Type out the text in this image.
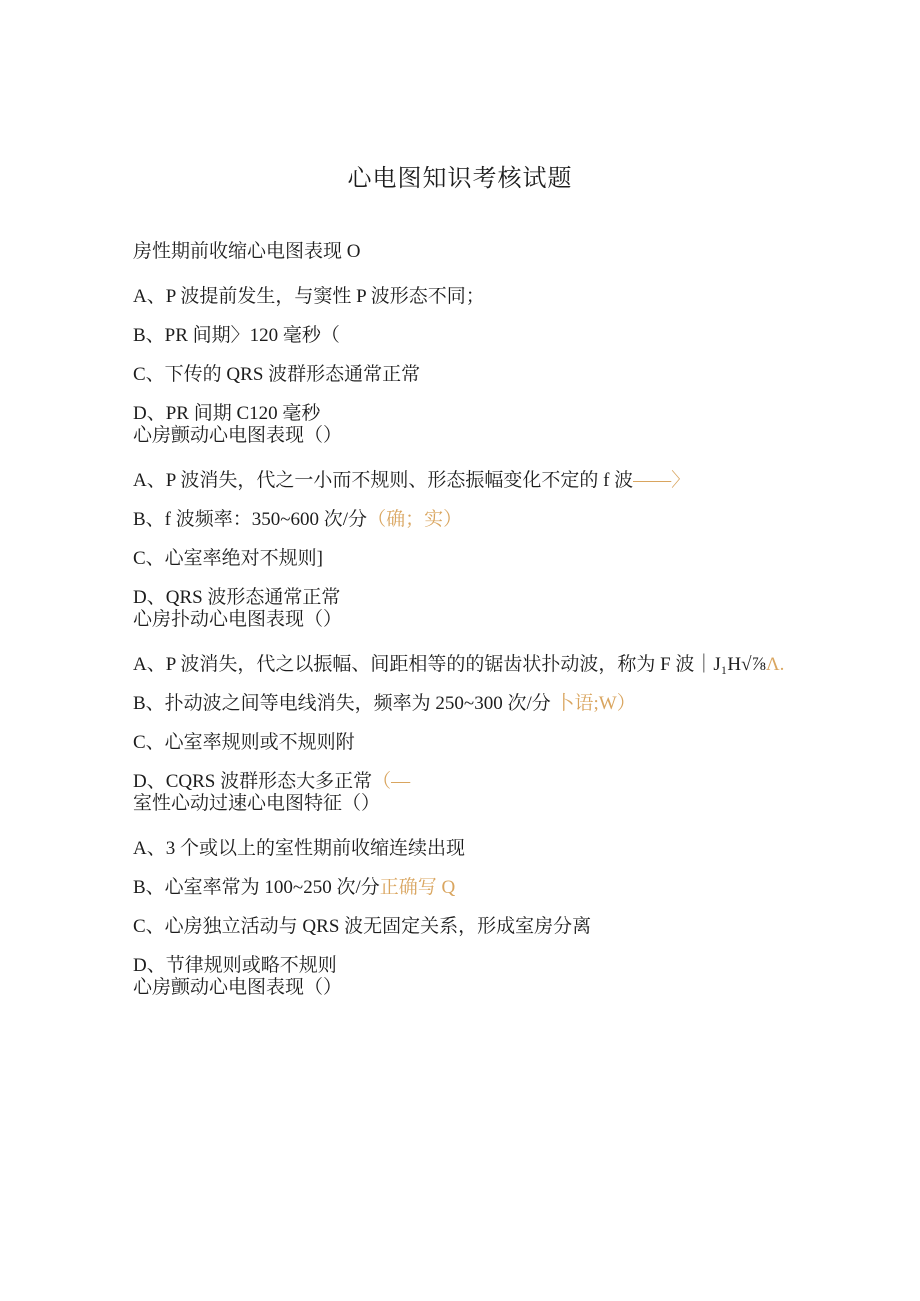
心电图知识考核试题

房性期前收缩心电图表现 O

A、P 波提前发生，与窦性 P 波形态不同；

B、PR 间期〉120 毫秒（

C、下传的 QRS 波群形态通常正常

D、PR 间期 C120 毫秒

心房颤动心电图表现（）

A、P 波消失，代之一小而不规则、形态振幅变化不定的 f 波——〉

B、f 波频率：350~600 次/分（确；实）

C、心室率绝对不规则]

D、QRS 波形态通常正常

心房扑动心电图表现（）

A、P 波消失，代之以振幅、间距相等的的锯齿状扑动波，称为 F 波｜J₁H√⅞Λ.

B、扑动波之间等电线消失，频率为 250~300 次/分 卜语;W）

C、心室率规则或不规则附

D、CQRS 波群形态大多正常（—

室性心动过速心电图特征（）

A、3 个或以上的室性期前收缩连续出现

B、心室率常为 100~250 次/分正确写 Q

C、心房独立活动与 QRS 波无固定关系，形成室房分离

D、节律规则或略不规则

心房颤动心电图表现（）
